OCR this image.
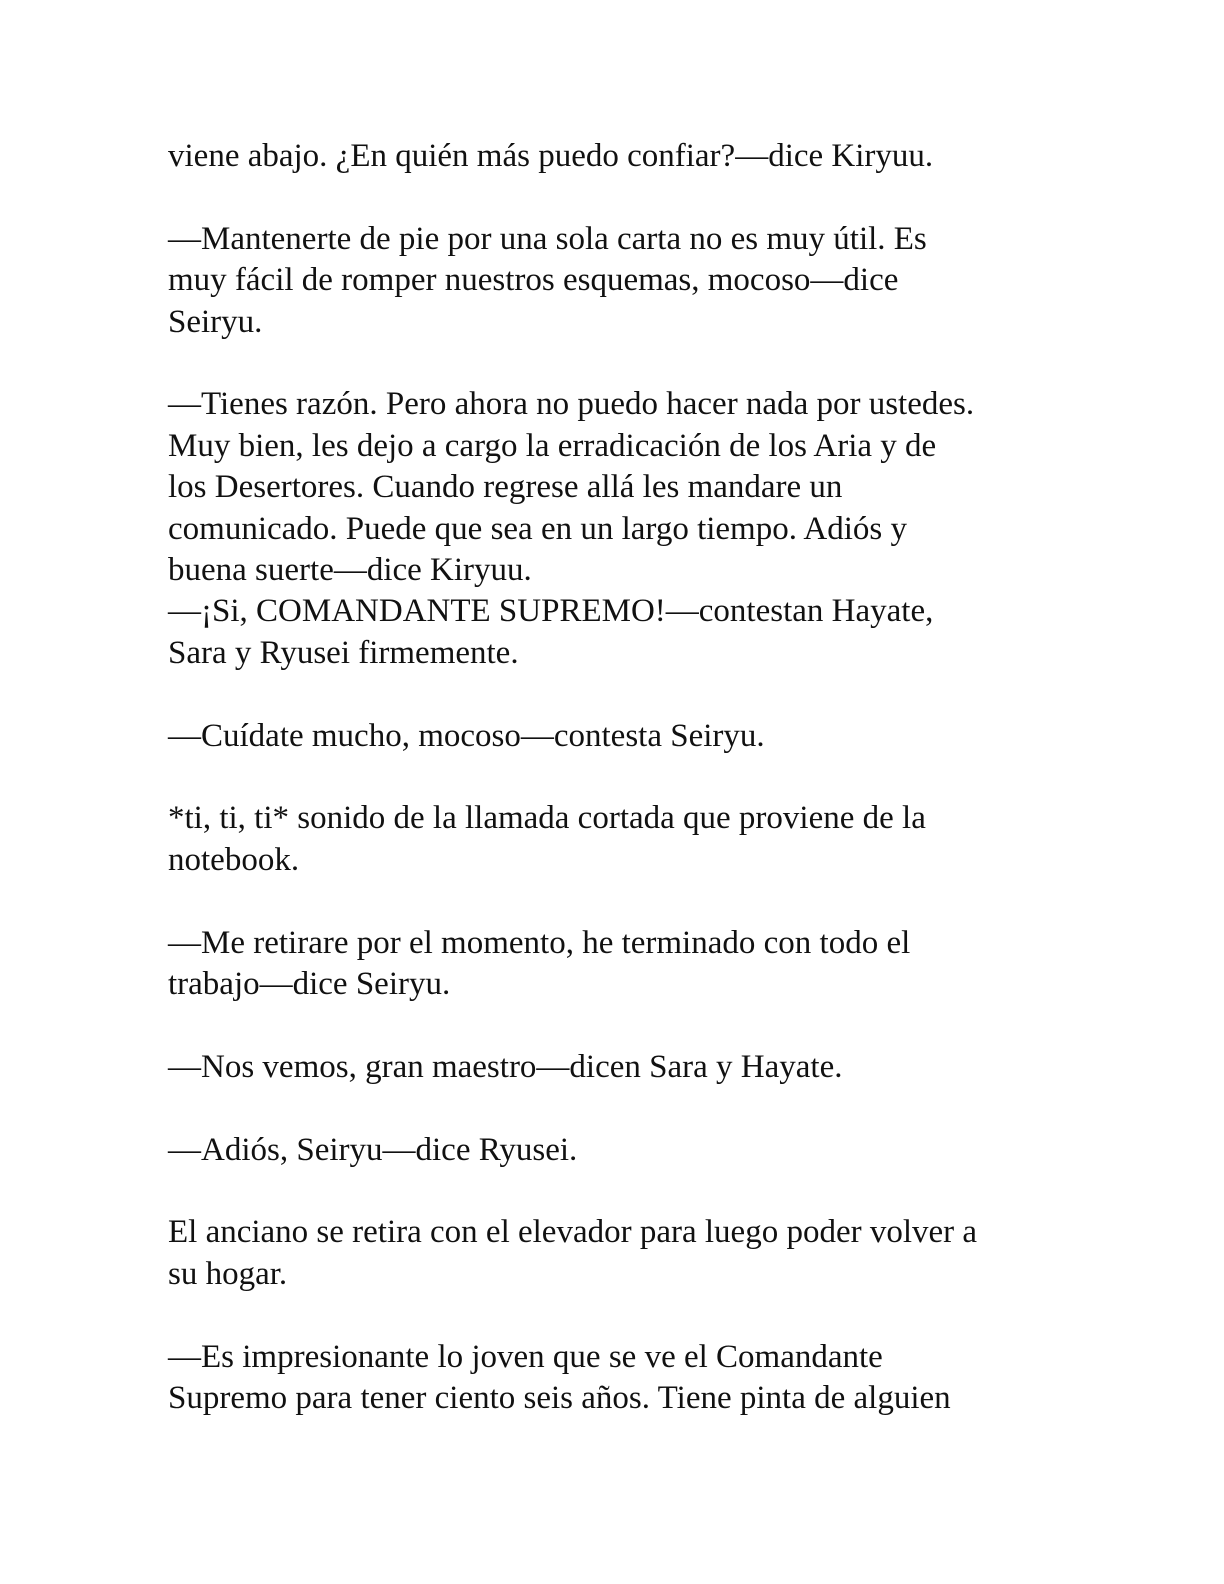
viene abajo. ¿En quién más puedo confiar?—dice Kiryuu.

—Mantenerte de pie por una sola carta no es muy útil. Es
muy fácil de romper nuestros esquemas, mocoso—dice
Seiryu.

—Tienes razón. Pero ahora no puedo hacer nada por ustedes.
Muy bien, les dejo a cargo la erradicación de los Aria y de
los Desertores. Cuando regrese allá les mandare un
comunicado. Puede que sea en un largo tiempo. Adiós y
buena suerte—dice Kiryuu.

—¡Si, COMANDANTE SUPREMO!—contestan Hayate,
Sara y Ryusei firmemente.

—Cuídate mucho, mocoso—contesta Seiryu.

*ti, ti, ti* sonido de la llamada cortada que proviene de la
notebook.

—Me retirare por el momento, he terminado con todo el
trabajo—dice Seiryu.

—Nos vemos, gran maestro—dicen Sara y Hayate.

—Adiós, Seiryu—dice Ryusei.

El anciano se retira con el elevador para luego poder volver a
su hogar.

—Es impresionante lo joven que se ve el Comandante
Supremo para tener ciento seis años. Tiene pinta de alguien
